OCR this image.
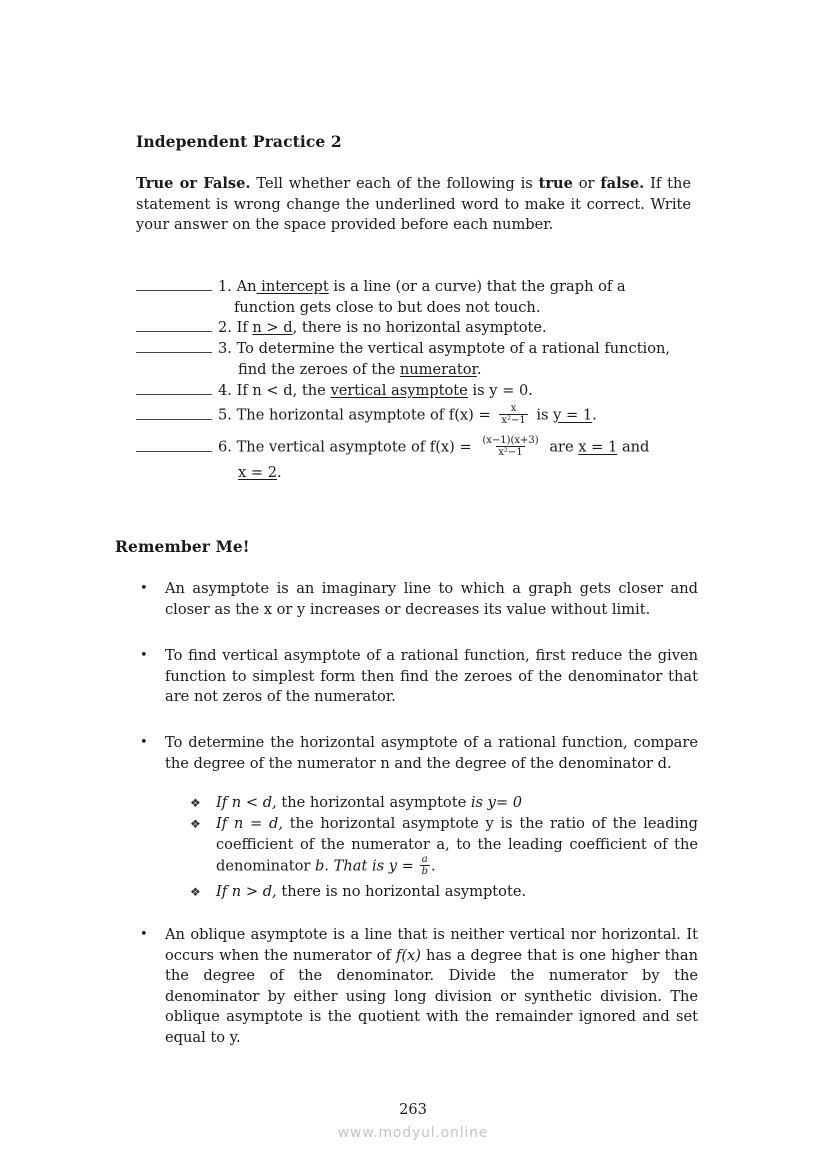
Independent Practice 2
True or False. Tell whether each of the following is true or false. If the statement is wrong change the underlined word to make it correct. Write your answer on the space provided before each number.
1. An intercept is a line (or a curve) that the graph of a
function gets close to but does not touch.
2. If n > d, there is no horizontal asymptote.
3. To determine the vertical asymptote of a rational function,
find the zeroes of the numerator.
4. If n < d, the vertical asymptote is y = 0.
5. The horizontal asymptote of $f(x) = \frac{x}{\text{x²−1}}$ is y = 1.
6. The vertical asymptote of $f(x) = \frac{(x-1)(x+3)}{\text{x²−1}}$ are x = 1 and
x = 2.
Remember Me!
• An asymptote is an imaginary line to which a graph gets closer and closer as the x or y increases or decreases its value without limit.
• To find vertical asymptote of a rational function, first reduce the given function to simplest form then find the zeroes of the denominator that are not zeros of the numerator.
• To determine the horizontal asymptote of a rational function, compare the degree of the numerator n and the degree of the denominator d.
❖ If n < d, the horizontal asymptote is y= 0
❖ If n = d, the horizontal asymptote y is the ratio of the leading coefficient of the numerator a, to the leading coefficient of the denominator b. That is $y = \frac{a}{b}$ .
❖ If n > d, there is no horizontal asymptote.
• An oblique asymptote is a line that is neither vertical nor horizontal. It occurs when the numerator of f(x) has a degree that is one higher than the degree of the denominator. Divide the numerator by the denominator by either using long division or synthetic division. The oblique asymptote is the quotient with the remainder ignored and set equal to y.
263
www.modyul.online
